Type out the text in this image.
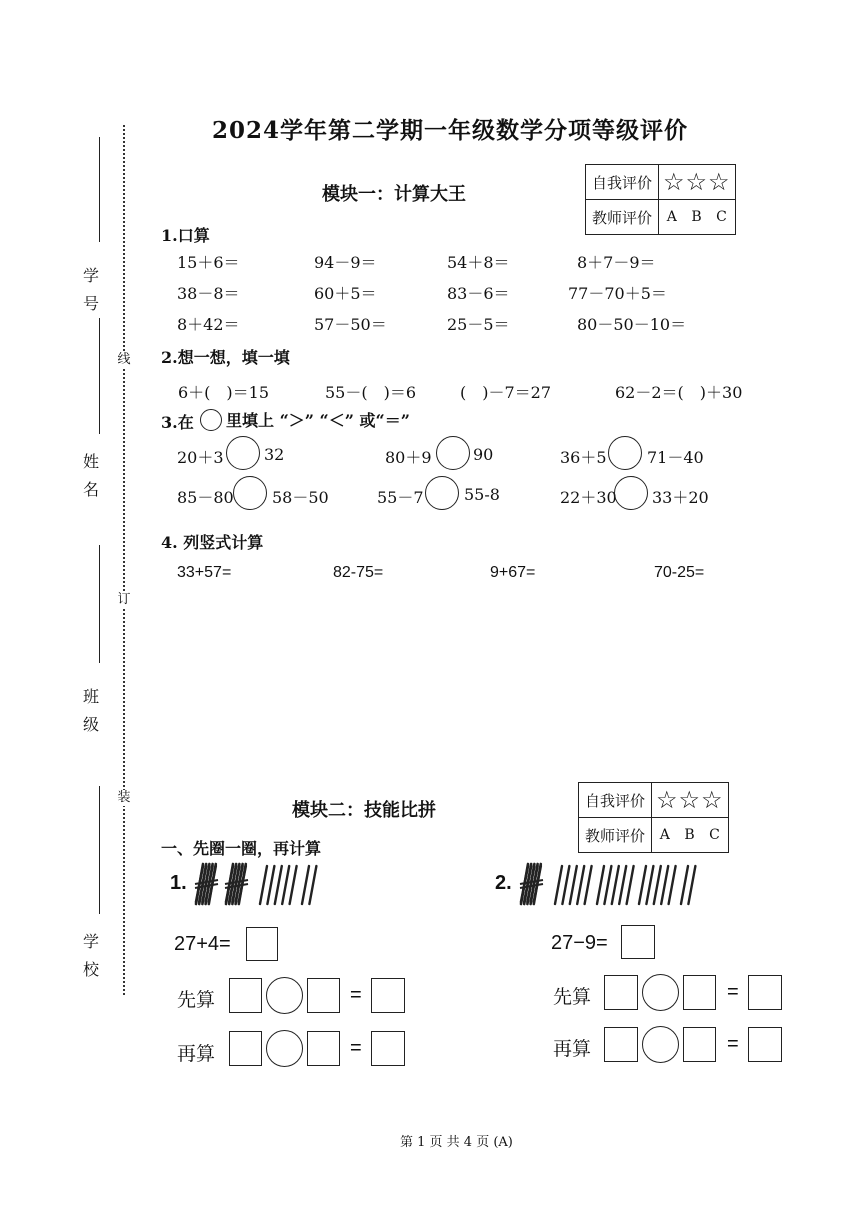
线
订
装
学号
姓名
班级
学校
2024学年第二学期一年级数学分项等级评价
模块一：计算大王
自我评价	☆☆☆
教师评价	A B C
1.口算
15＋6＝	94－9＝	54＋8＝	8＋7－9＝
38－8＝	60＋5＝	83－6＝	77－70＋5＝
8＋42＝	57－50＝	25－5＝	80－50－10＝
2.想一想，填一填
6＋(　)＝15	55－(　)＝6	(　)－7＝27	62－2＝(　)＋30
3.在 里填上 “＞” “＜” 或“＝”
20＋3	32	80＋9	90	36＋5	71－40
85－80 58－50	55－7	55-8	22＋30 33＋20
4. 列竖式计算
33+57=	82-75=	9+67=	70-25=
模块二：技能比拼	自我评价	☆☆☆
教师评价	A B C
一、先圈一圈，再计算
1.
27+4=
先算	=
再算	=
2.
27−9=
先算	=
再算	=
第 1 页 共 4 页 (A)
